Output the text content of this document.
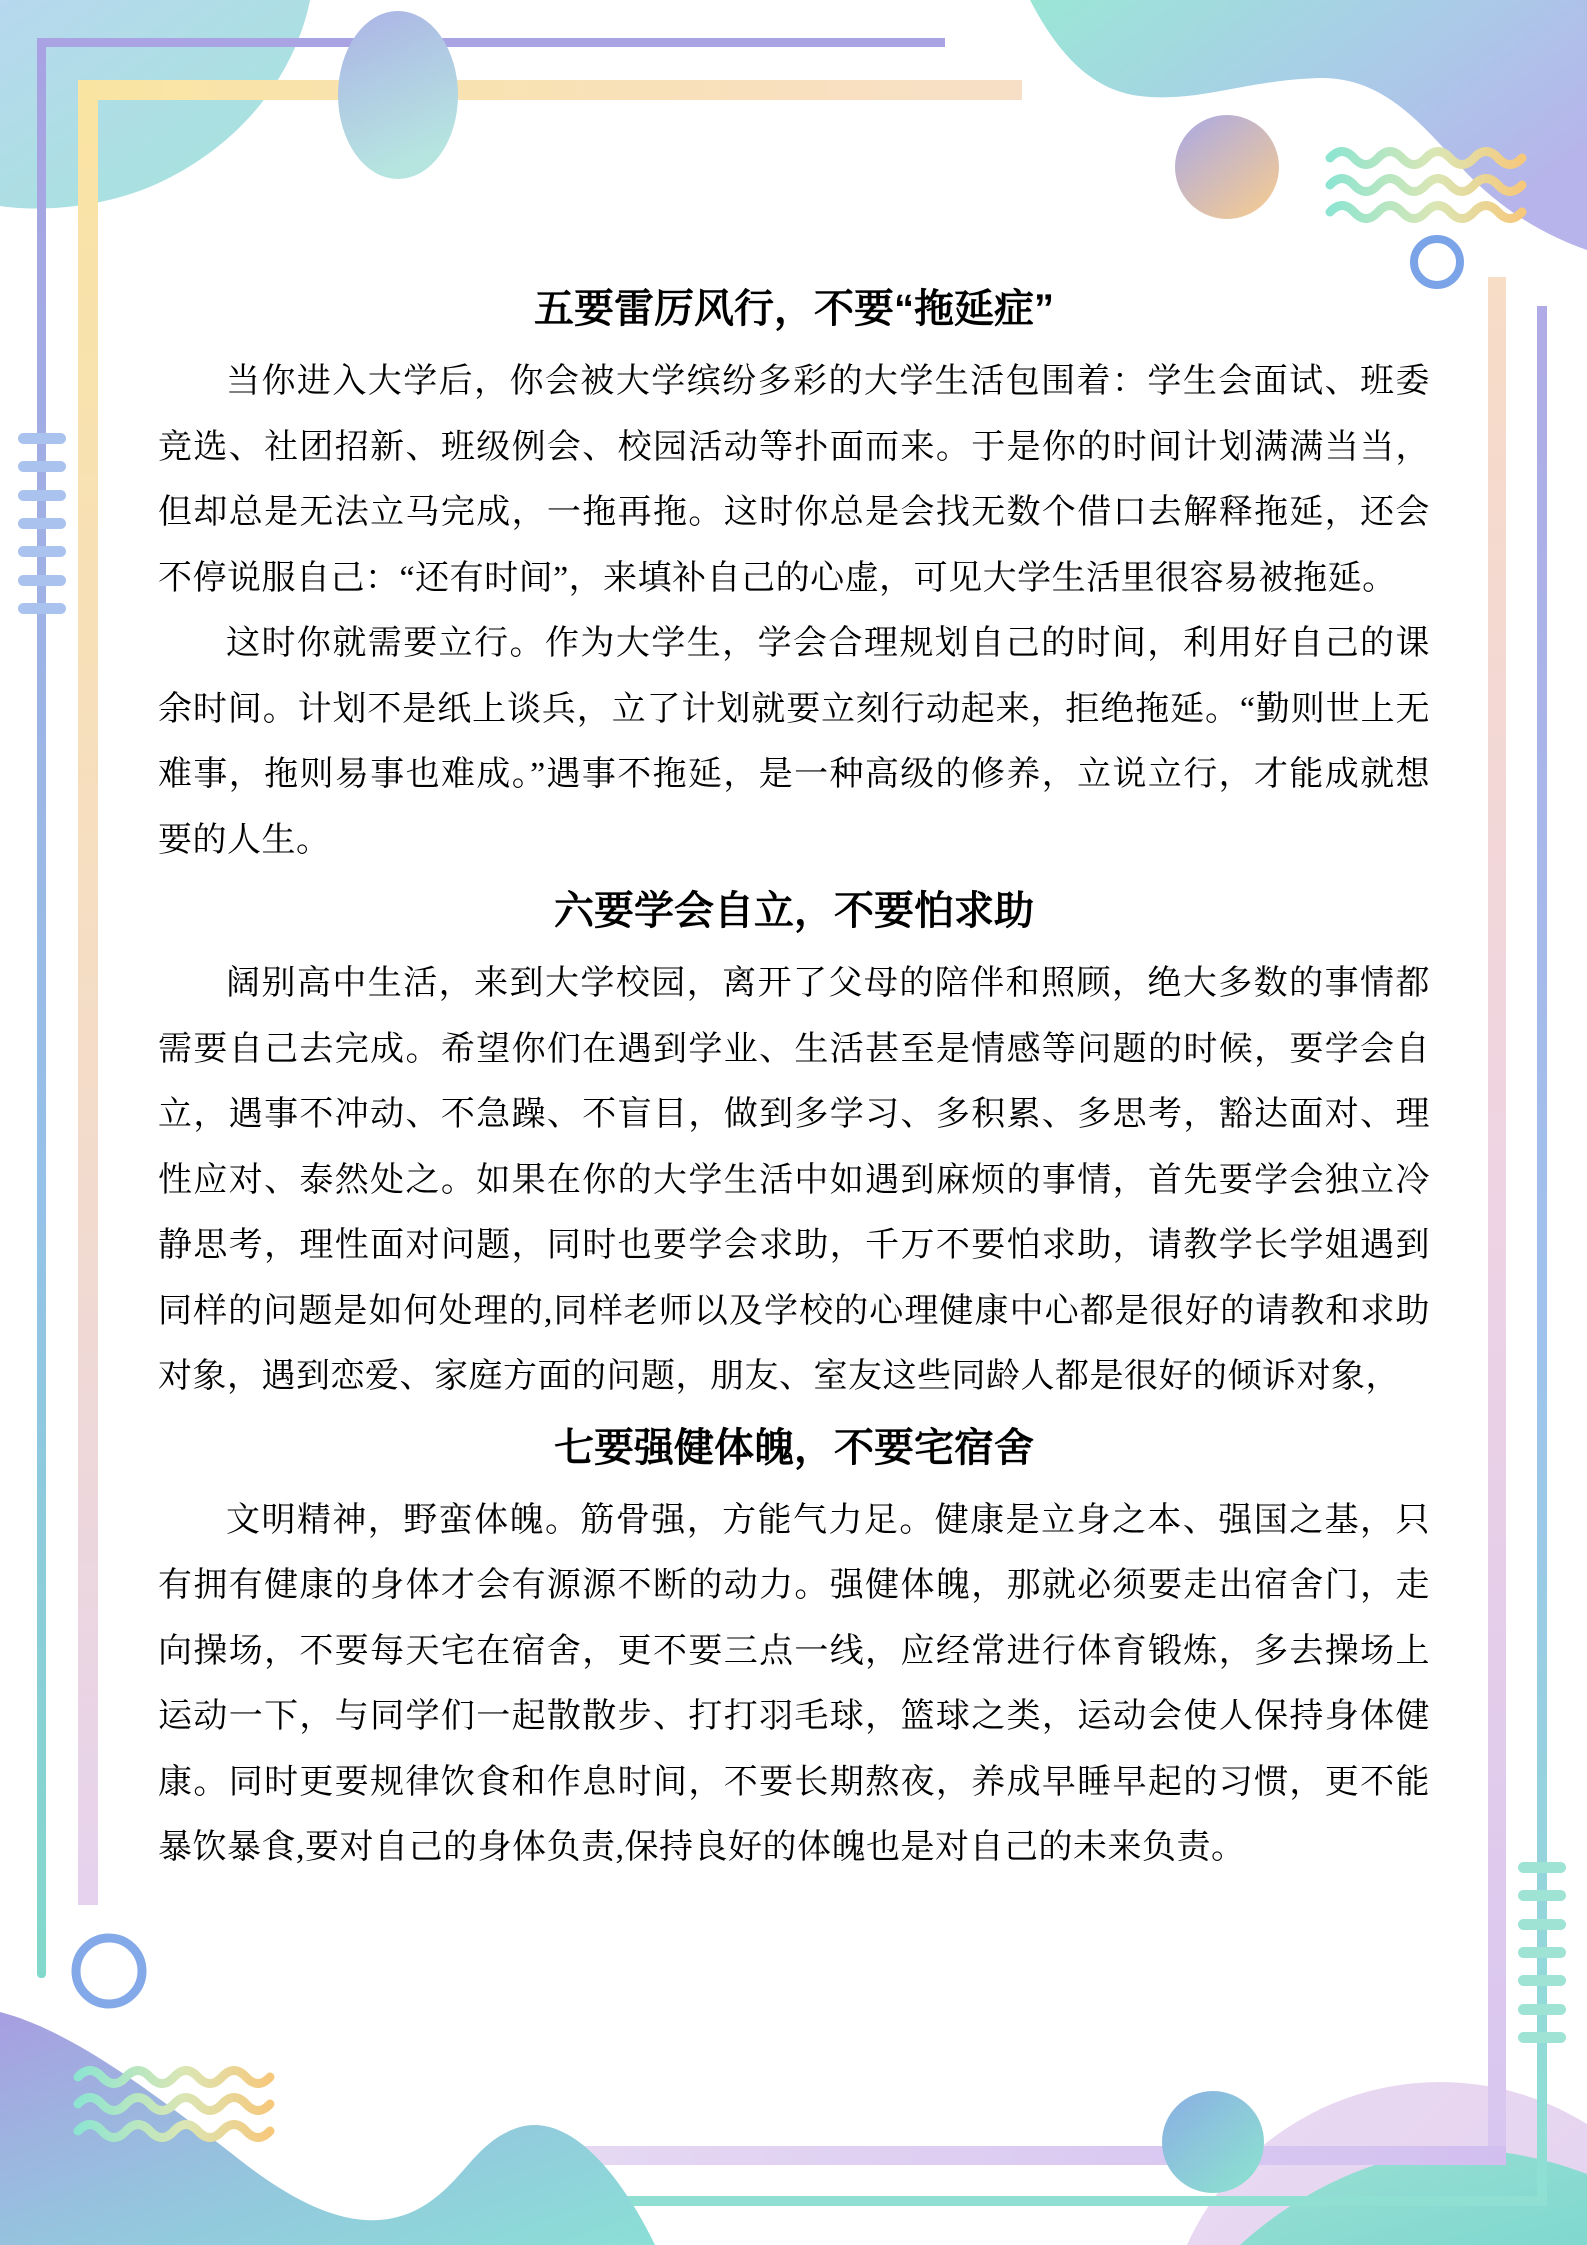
五要雷厉风行，不要“拖延症”

当你进入大学后，你会被大学缤纷多彩的大学生活包围着：学生会面试、班委竞选、社团招新、班级例会、校园活动等扑面而来。于是你的时间计划满满当当，但却总是无法立马完成，一拖再拖。这时你总是会找无数个借口去解释拖延，还会不停说服自己：“还有时间”，来填补自己的心虚，可见大学生活里很容易被拖延。

这时你就需要立行。作为大学生，学会合理规划自己的时间，利用好自己的课余时间。计划不是纸上谈兵，立了计划就要立刻行动起来，拒绝拖延。“勤则世上无难事，拖则易事也难成。”遇事不拖延，是一种高级的修养，立说立行，才能成就想要的人生。

六要学会自立，不要怕求助

阔别高中生活，来到大学校园，离开了父母的陪伴和照顾，绝大多数的事情都需要自己去完成。希望你们在遇到学业、生活甚至是情感等问题的时候，要学会自立，遇事不冲动、不急躁、不盲目，做到多学习、多积累、多思考，豁达面对、理性应对、泰然处之。如果在你的大学生活中如遇到麻烦的事情，首先要学会独立冷静思考，理性面对问题，同时也要学会求助，千万不要怕求助，请教学长学姐遇到同样的问题是如何处理的,同样老师以及学校的心理健康中心都是很好的请教和求助对象，遇到恋爱、家庭方面的问题，朋友、室友这些同龄人都是很好的倾诉对象，

七要强健体魄，不要宅宿舍

文明精神，野蛮体魄。筋骨强，方能气力足。健康是立身之本、强国之基，只有拥有健康的身体才会有源源不断的动力。强健体魄，那就必须要走出宿舍门，走向操场，不要每天宅在宿舍，更不要三点一线，应经常进行体育锻炼，多去操场上运动一下，与同学们一起散散步、打打羽毛球，篮球之类，运动会使人保持身体健康。同时更要规律饮食和作息时间，不要长期熬夜，养成早睡早起的习惯，更不能暴饮暴食,要对自己的身体负责,保持良好的体魄也是对自己的未来负责。
